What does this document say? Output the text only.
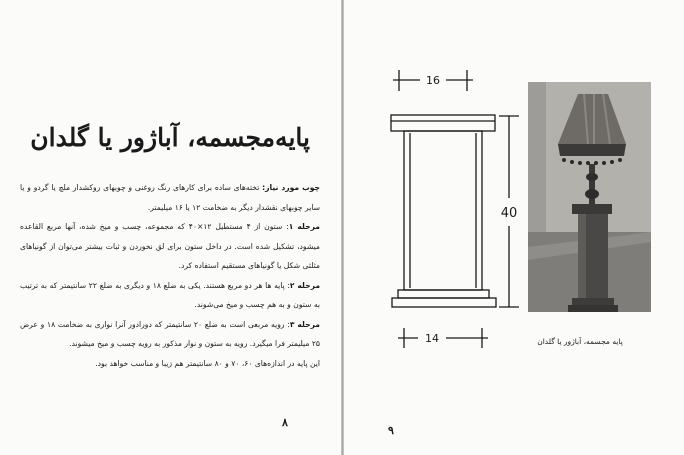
پایه‌مجسمه، آباژور یا گلدان

چوب مورد نیاز: تخته‌های ساده برای کارهای رنگ روغنی و چوبهای روکشدار ملچ یا گردو و یا سایر چوبهای نقشدار دیگر به ضخامت ۱۲ یا ۱۶ میلیمتر.

مرحله ۱: ستون از ۴ مستطیل ۱۲×۴۰ که مجموعه، چسب و میخ شده، آنها مربع القاعده میشود، تشکیل شده است. در داخل ستون برای لق نخوردن و ثبات بیشتر می‌توان از گونیاهای مثلثی شکل یا گونیاهای مستقیم استفاده کرد.

مرحله ۲: پایه ها هر دو مربع هستند. یکی به ضلع ۱۸ و دیگری به ضلع ۲۲ سانتیمتر که به ترتیب به ستون و به هم چسب و میخ می‌شوند.

مرحله ۳: رویه مربعی است به ضلع ۲۰ سانتیمتر که دورادور آنرا نواری به ضخامت ۱۸ و عرض ۲۵ میلیمتر فرا میگیرد. رویه به ستون و نوار مذکور به رویه چسب و میخ میشوند.

این پایه در اندازه‌های ۶۰، ۷۰ و ۸۰ سانتیمتر هم زیبا و مناسب خواهد بود.

۸
16
40
14	پایه مجسمه، آباژور یا گلدان
۹
